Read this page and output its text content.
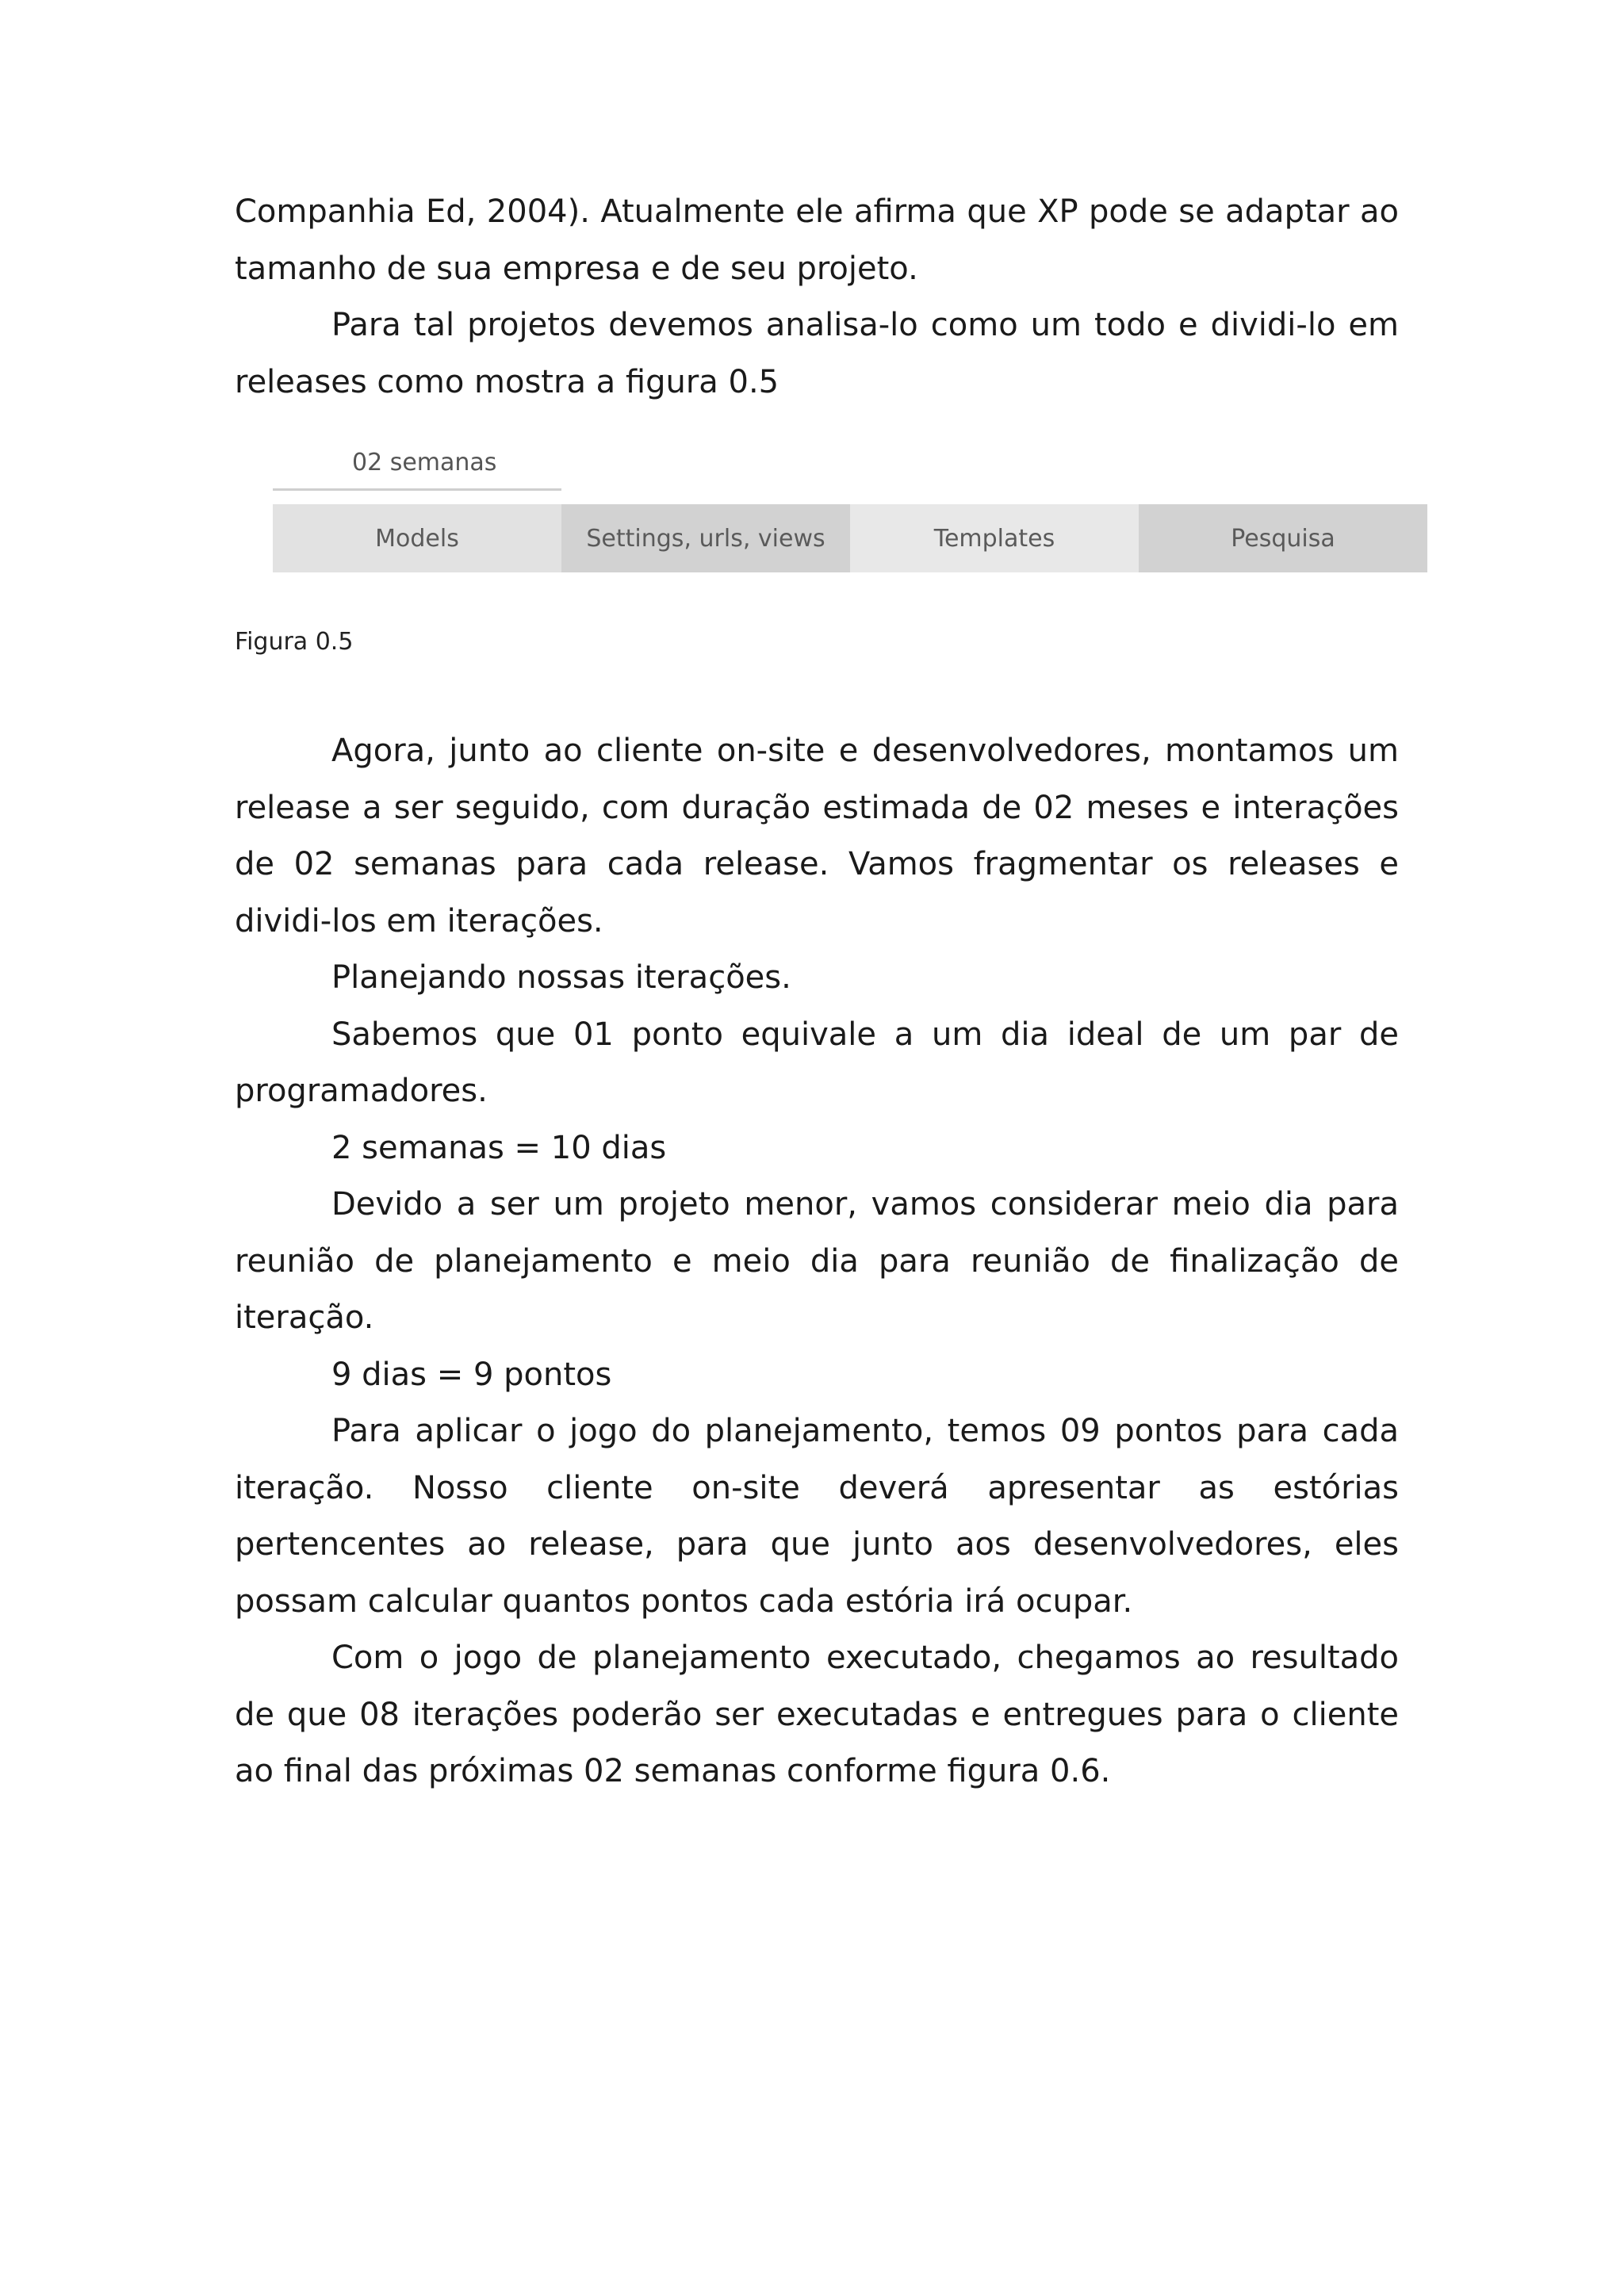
Companhia Ed, 2004). Atualmente ele afirma que XP pode se adaptar ao tamanho de sua empresa e de seu projeto.

Para tal projetos devemos analisa-lo como um todo e dividi-lo em releases como mostra a figura 0.5

02 semanas
Models	Settings, urls, views	Templates	Pesquisa
Figura 0.5

Agora, junto ao cliente on-site e desenvolvedores, montamos um release a ser seguido, com duração estimada de 02 meses e interações de 02 semanas para cada release. Vamos fragmentar os releases e dividi-los em iterações.

Planejando nossas iterações.

Sabemos que 01 ponto equivale a um dia ideal de um par de programadores.

2 semanas = 10 dias

Devido a ser um projeto menor, vamos considerar meio dia para reunião de planejamento e meio dia para reunião de finalização de iteração.

9 dias = 9 pontos

Para aplicar o jogo do planejamento, temos 09 pontos para cada iteração. Nosso cliente on-site deverá apresentar as estórias pertencentes ao release, para que junto aos desenvolvedores, eles possam calcular quantos pontos cada estória irá ocupar.

Com o jogo de planejamento executado, chegamos ao resultado de que 08 iterações poderão ser executadas e entregues para o cliente ao final das próximas 02 semanas conforme figura 0.6.
